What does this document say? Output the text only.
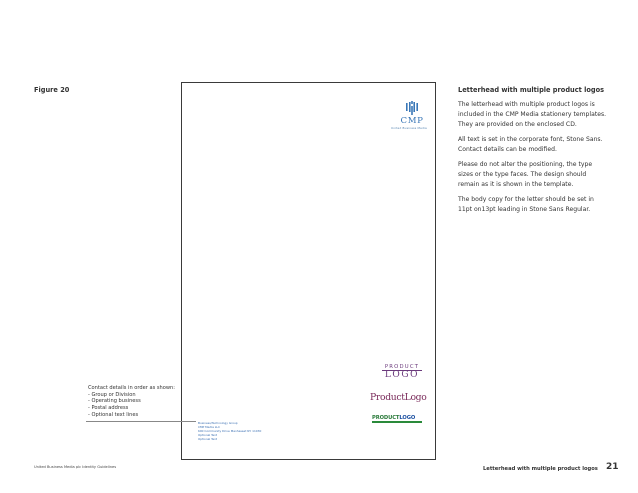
Figure 20
CMP
United Business Media
PRODUCT
LOGO
ProductLogo
PRODUCTLOGO
Business/Technology Group
CMP Media LLC
600 Community Drive Manhasset NY 11030
Optional Text
Optional Text
Contact details in order as shown:
- Group or Division
- Operating business
- Postal address
- Optional text lines
Letterhead with multiple product logos

The letterhead with multiple product logos is included in the CMP Media stationery templates. They are provided on the enclosed CD.

All text is set in the corporate font, Stone Sans. Contact details can be modified.

Please do not alter the positioning, the type sizes or the type faces. The design should remain as it is shown in the template.

The body copy for the letter should be set in 11pt on13pt leading in Stone Sans Regular.

United Business Media plc Identity Guidelines	Letterhead with multiple product logos 21
